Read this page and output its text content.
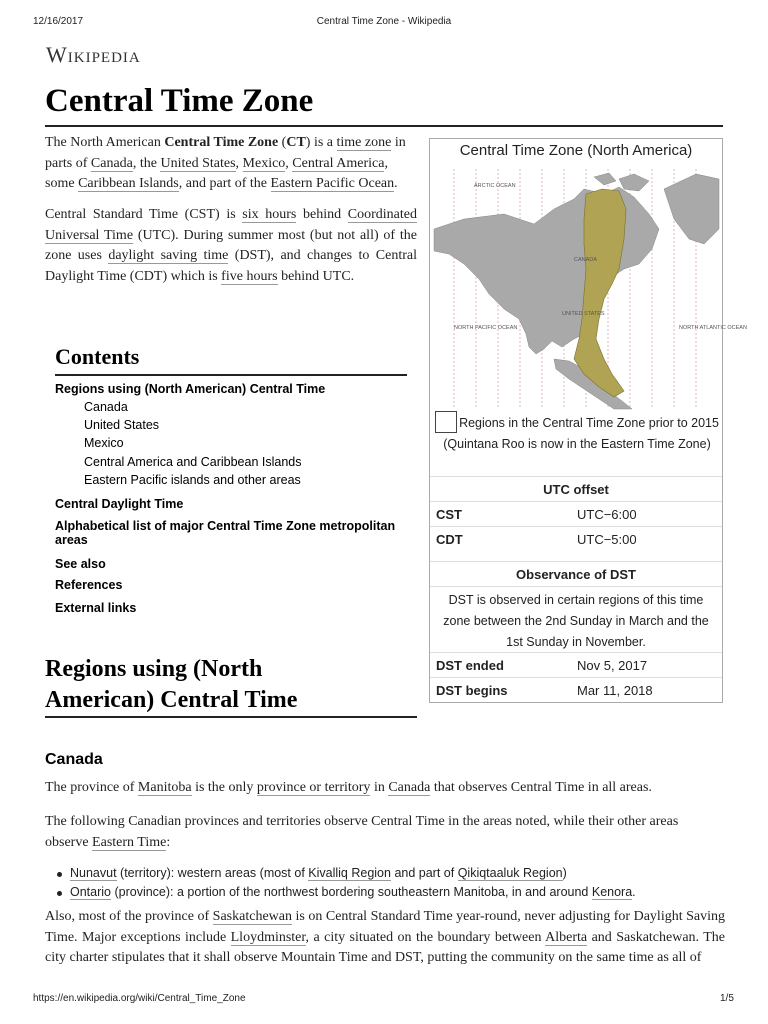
12/16/2017	Central Time Zone - Wikipedia
https://en.wikipedia.org/wiki/Central_Time_Zone	1/5
Wikipedia
Central Time Zone

The North American Central Time Zone (CT) is a time zone in parts of Canada, the United States, Mexico, Central America, some Caribbean Islands, and part of the Eastern Pacific Ocean.

Central Standard Time (CST) is six hours behind Coordinated Universal Time (UTC). During summer most (but not all) of the zone uses daylight saving time (DST), and changes to Central Daylight Time (CDT) which is five hours behind UTC.

Central Time Zone (North America)
CANADA
UNITED STATES
ARCTIC OCEAN
NORTH PACIFIC OCEAN	NORTH ATLANTIC OCEAN
Regions in the Central Time Zone prior to 2015 (Quintana Roo is now in the Eastern Time Zone)
UTC offset
CST	UTC−6:00
CDT	UTC−5:00
Observance of DST
DST is observed in certain regions of this time zone between the 2nd Sunday in March and the 1st Sunday in November.
DST ended	Nov 5, 2017
DST begins	Mar 11, 2018
Contents
Regions using (North American) Central Time
Canada
United States
Mexico
Central America and Caribbean Islands
Eastern Pacific islands and other areas
Central Daylight Time
Alphabetical list of major Central Time Zone metropolitan areas
See also
References
External links
Regions using (North American) Central Time
Canada

The province of Manitoba is the only province or territory in Canada that observes Central Time in all areas.

The following Canadian provinces and territories observe Central Time in the areas noted, while their other areas observe Eastern Time:

Nunavut (territory): western areas (most of Kivalliq Region and part of Qikiqtaaluk Region)
Ontario (province): a portion of the northwest bordering southeastern Manitoba, in and around Kenora.

Also, most of the province of Saskatchewan is on Central Standard Time year-round, never adjusting for Daylight Saving Time. Major exceptions include Lloydminster, a city situated on the boundary between Alberta and Saskatchewan. The city charter stipulates that it shall observe Mountain Time and DST, putting the community on the same time as all of
